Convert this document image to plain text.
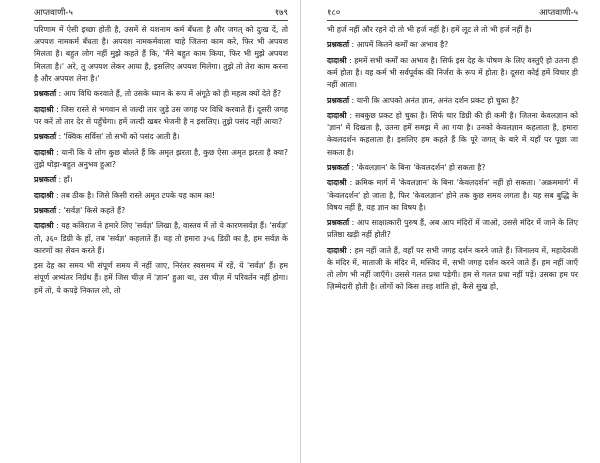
आप्तवाणी-५	१७९

परिणाम में ऐसी इच्छा होती है, उसमें से यशनाम कर्म बँधता है और जगत् को दुःख दें, तो अपयश नामकर्म बँधता है। अपयश नामकर्मवाला चाहे जितना काम करे, फिर भी अपयश मिलता है। बहुत लोग नहीं मुझे कहते हैं कि, 'मैंने बहुत काम किया, फिर भी मुझे अपयश मिलता है।' अरे, तू अपयश लेकर आया है, इसलिए अपयश मिलेगा। तुझे तो तेरा काम करना है और अपयश लेना है।'

प्रश्नकर्ता : आप विधि करवाते हैं, तो उसके ध्यान के रूप में अंगूठे को ही महत्व क्यों देते हैं?

दादाश्री : जिस रास्ते से भगवान से जल्दी तार जुड़े उस जगह पर विधि करवाते हैं। दूसरी जगह पर करें तो तार देर से पहुँचेगा। हमें जल्दी खबर भेजनी है न इसलिए। तुझे पसंद नहीं आया?

प्रश्नकर्ता : 'क्विक सर्विस' तो सभी को पसंद आती है।

दादाश्री : यानी कि ये लोग कुछ बोलते हैं कि अमृत झरता है, कुछ ऐसा अमृत झरता है क्या? तुझे थोड़ा-बहुत अनुभव हुआ?

प्रश्नकर्ता : हाँ।

दादाश्री : तब ठीक है। जिसे किसी रास्ते अमृत टपके यह काम का!

प्रश्नकर्ता : 'सर्वज्ञ' किसे कहते हैं?

दादाश्री : यह कविराज ने हमारे लिए 'सर्वज्ञ' लिखा है, वास्तव में तो ये कारणसर्वज्ञ हैं। 'सर्वज्ञ' तो, ३६० डिग्री के हों, तब 'सर्वज्ञ' कहलाते हैं। यह तो हमारा ३५६ डिग्री का है, हम सर्वज्ञ के कारणों का सेवन करते हैं।

इस देह का समय भी संपूर्ण समय में नहीं जाए, निरंतर स्वसमय में रहें, ये 'सर्वज्ञ' हैं। हम संपूर्ण अभ्यंतर निर्ग्रंथ हैं। हमें जिस चीज़ में 'ज्ञान' हुआ था, उस चीज़ में परिवर्तन नहीं होगा। हमें तो, ये कपड़े निकाल लो, तो

१८०	आप्तवाणी-५

भी हर्ज नहीं और रहने दो तो भी हर्ज नहीं है। हमें लूट ले तो भी हर्ज नहीं है।

प्रश्नकर्ता : आपमें कितने कर्मों का अभाव है?

दादाश्री : हममें सभी कर्मों का अभाव है। सिर्फ इस देह के पोषण के लिए वस्तुएँ हो उतना ही कर्म होता है। वह कर्म भी सर्वपूर्वक की निर्जरा के रूप में होता है। दूसरा कोई हमें विचार ही नहीं आता।

प्रश्नकर्ता : यानी कि आपको अनंत ज्ञान, अनंत दर्शन प्रकट हो चुका है?

दादाश्री : सबकुछ प्रकट हो चुका है। सिर्फ चार डिग्री की ही कमी है। जितना केवलज्ञान को 'ज्ञान' में दिखता है, उतना हमें समझ में आ गया है। उनको केवलज्ञान कहलाता है, हमारा केवलदर्शन कहलाता है। इसलिए हम कहते हैं कि पूरे जगत् के बारे में यहाँ पर पूछा जा सकता है।

प्रश्नकर्ता : 'केवलज्ञान' के बिना 'केवलदर्शन' हो सकता है?

दादाश्री : क्रमिक मार्ग में 'केवलज्ञान' के बिना 'केवलदर्शन' नहीं हो सकता। 'अक्रममार्ग' में 'केवलदर्शन' हो जाता है, फिर 'केवलज्ञान' होने तक कुछ समय लगता है। यह सब बुद्धि के विषय नहीं है, यह ज्ञान का विषय है।

प्रश्नकर्ता : आप साक्षात्कारी पुरुष हैं, अब आप मंदिरों में जाओ, उससे मंदिर में जाने के लिए प्रतिष्ठा खड़ी नहीं होती?

दादाश्री : हम नहीं जाते हैं, वहाँ पर सभी जगह दर्शन करने जाते हैं। जिनालय में, महादेवजी के मंदिर में, माताजी के मंदिर में, मस्जिद में, सभी जगह दर्शन करने जाते हैं। हम नहीं जाएँ तो लोग भी नहीं जाएँगे। उससे गलत प्रथा पड़ेगी। हम से गलत प्रथा नहीं पड़े। उसका हम पर ज़िम्मेदारी होती है। लोगों को किस तरह शांति हो, कैसे सुख हो,
